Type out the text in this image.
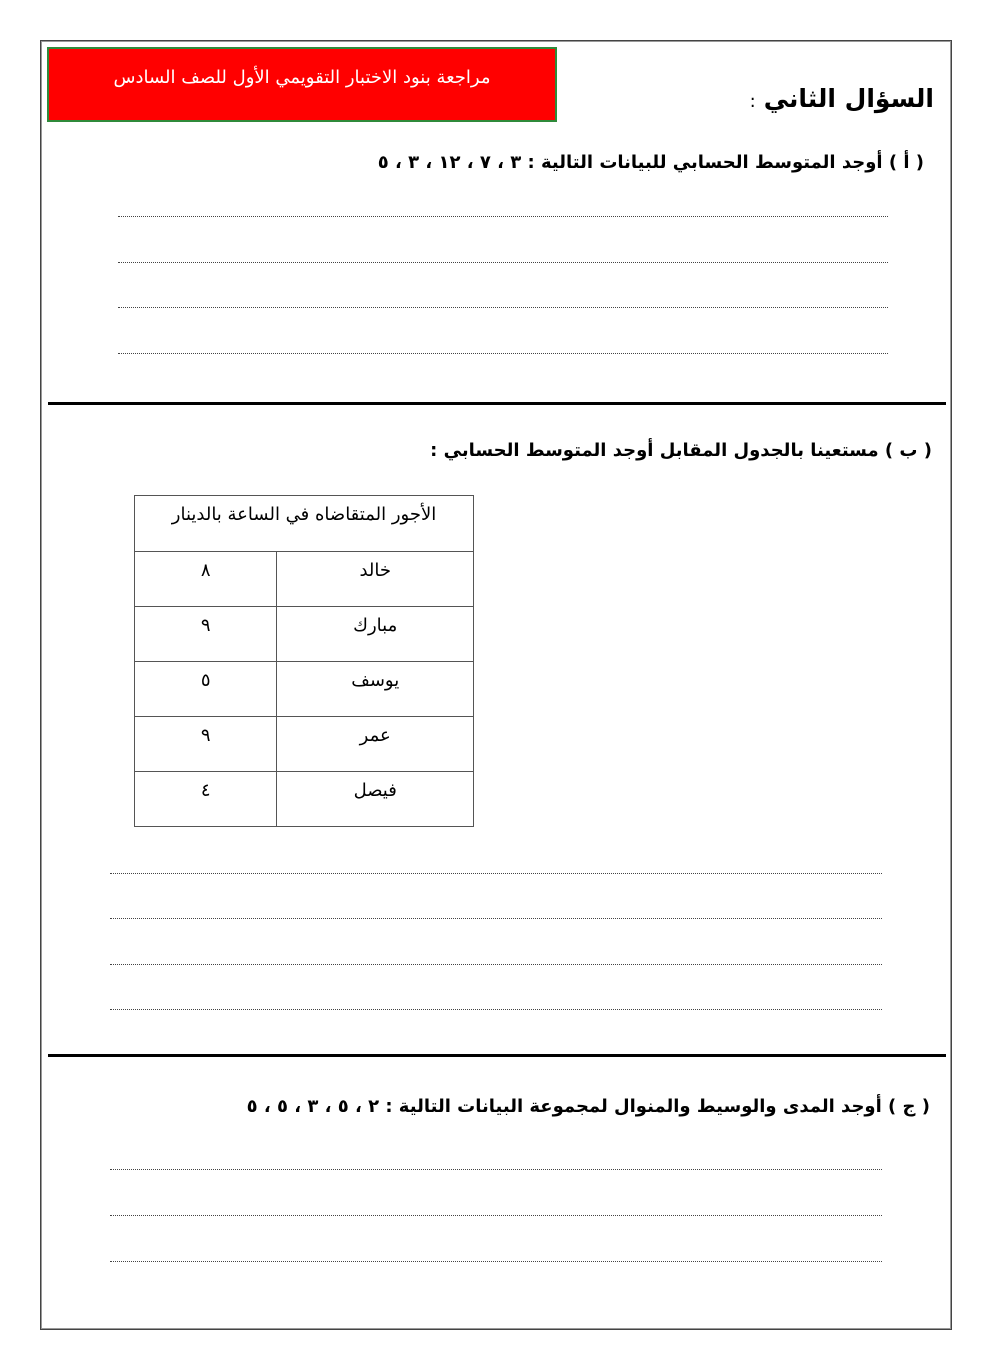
مراجعة بنود الاختبار التقويمي الأول للصف السادس
السؤال الثاني:
( أ ) أوجد المتوسط الحسابي للبيانات التالية : ٣ ، ٧ ، ١٢ ، ٣ ، ٥
( ب ) مستعينا بالجدول المقابل أوجد المتوسط الحسابي :
الأجور المتقاضاه في الساعة بالدينار	
خالد	٨
مبارك	٩
يوسف	٥
عمر	٩
فيصل	٤
( ج ) أوجد المدى والوسيط والمنوال لمجموعة البيانات التالية : ٢ ، ٥ ، ٣ ، ٥ ، ٥
